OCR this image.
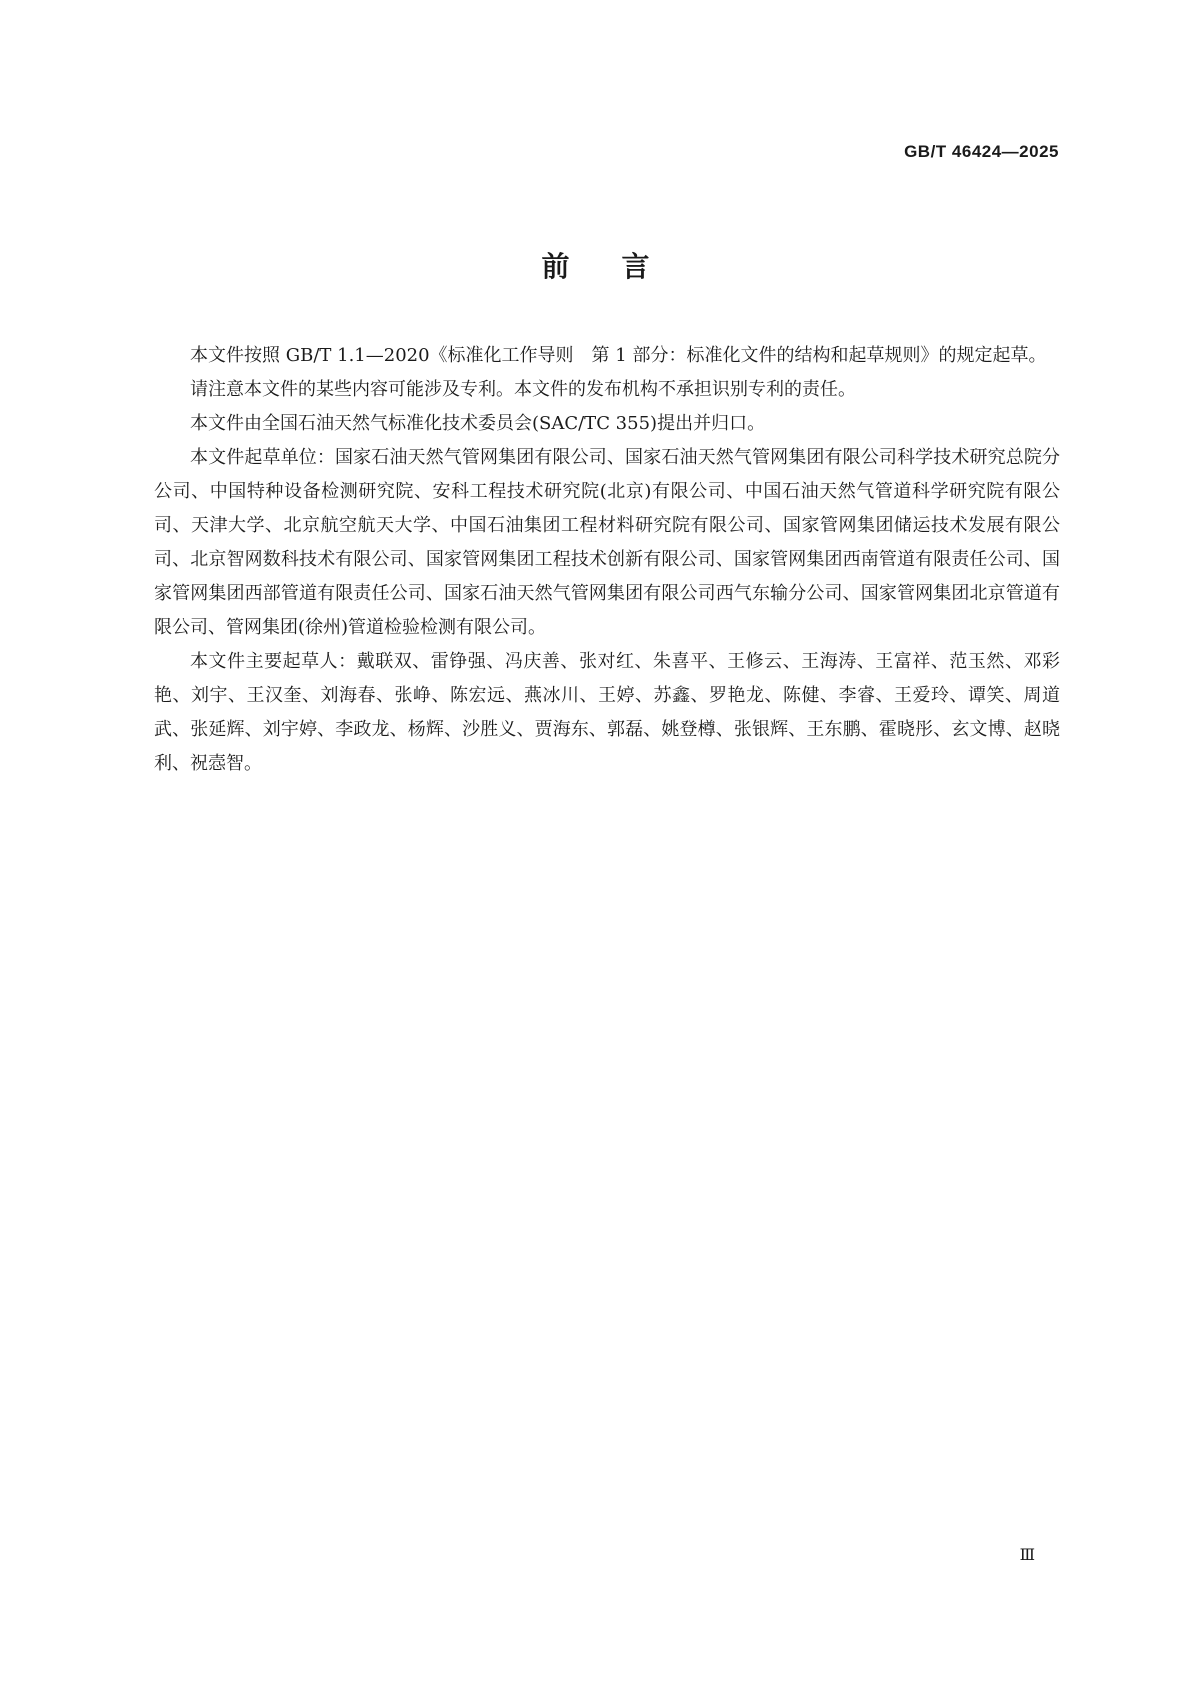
GB/T 46424—2025
前言

本文件按照 GB/T 1.1—2020《标准化工作导则　第 1 部分：标准化文件的结构和起草规则》的规定起草。

请注意本文件的某些内容可能涉及专利。本文件的发布机构不承担识别专利的责任。

本文件由全国石油天然气标准化技术委员会(SAC/TC 355)提出并归口。

本文件起草单位：国家石油天然气管网集团有限公司、国家石油天然气管网集团有限公司科学技术研究总院分公司、中国特种设备检测研究院、安科工程技术研究院(北京)有限公司、中国石油天然气管道科学研究院有限公司、天津大学、北京航空航天大学、中国石油集团工程材料研究院有限公司、国家管网集团储运技术发展有限公司、北京智网数科技术有限公司、国家管网集团工程技术创新有限公司、国家管网集团西南管道有限责任公司、国家管网集团西部管道有限责任公司、国家石油天然气管网集团有限公司西气东输分公司、国家管网集团北京管道有限公司、管网集团(徐州)管道检验检测有限公司。

本文件主要起草人：戴联双、雷铮强、冯庆善、张对红、朱喜平、王修云、王海涛、王富祥、范玉然、邓彩艳、刘宇、王汉奎、刘海春、张峥、陈宏远、燕冰川、王婷、苏鑫、罗艳龙、陈健、李睿、王爱玲、谭笑、周道武、张延辉、刘宇婷、李政龙、杨辉、沙胜义、贾海东、郭磊、姚登樽、张银辉、王东鹏、霍晓彤、玄文博、赵晓利、祝悫智。

Ⅲ
